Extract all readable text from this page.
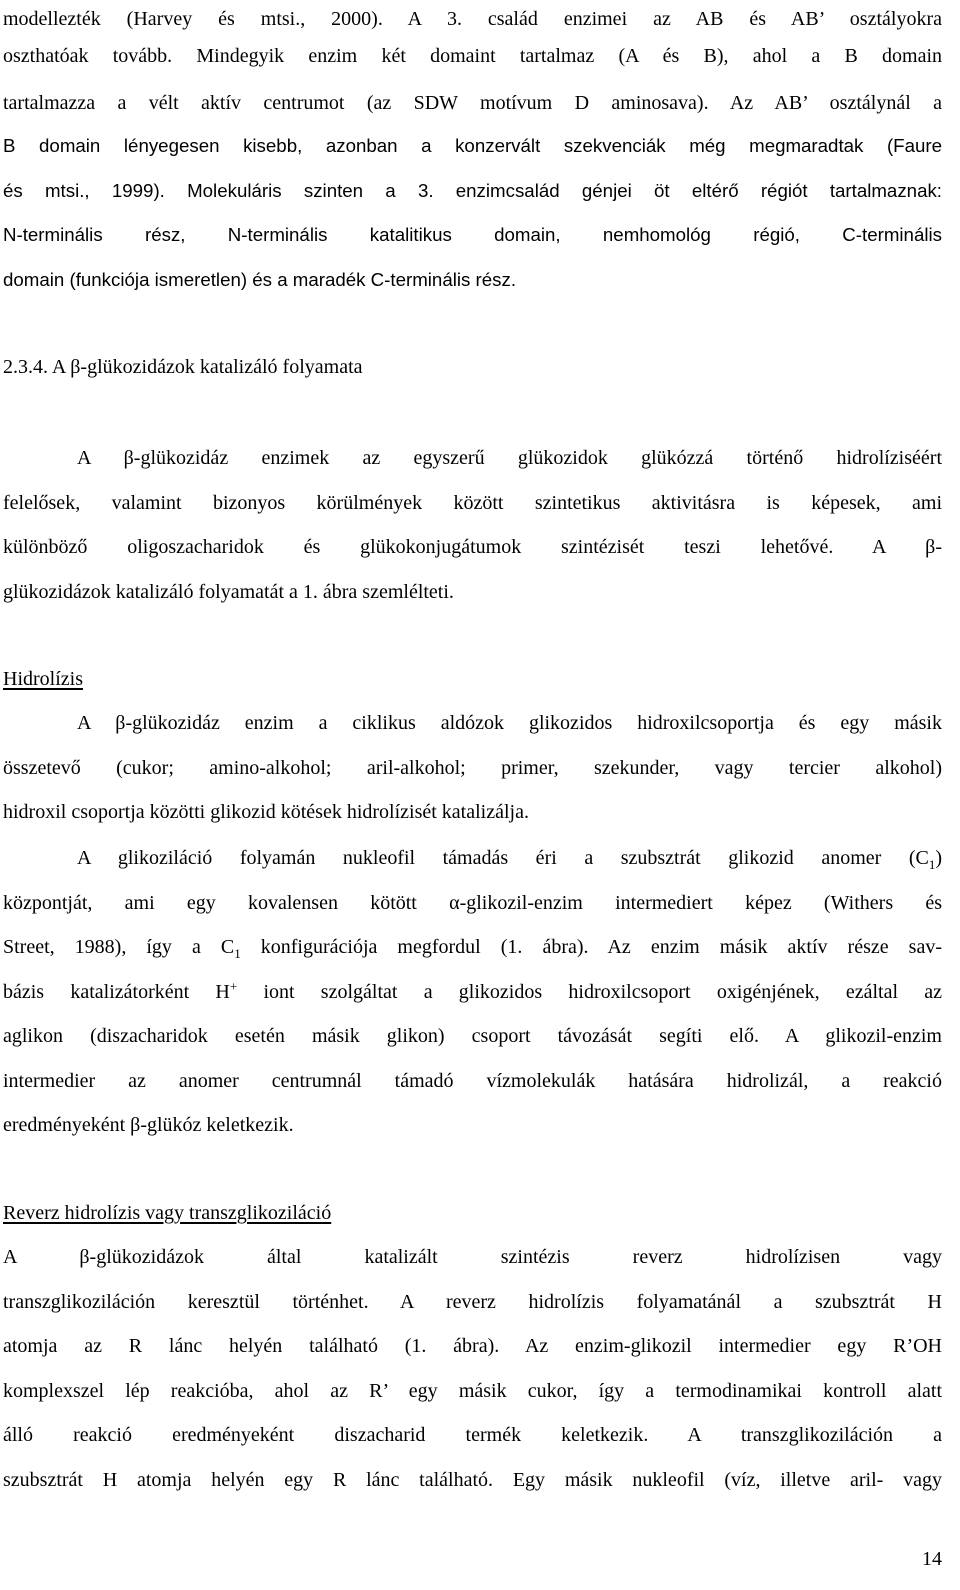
modellezték (Harvey és mtsi., 2000). A 3. család enzimei az AB és AB’ osztályokra
oszthatóak tovább. Mindegyik enzim két domaint tartalmaz (A és B), ahol a B domain
tartalmazza a vélt aktív centrumot (az SDW motívum D aminosava). Az AB’ osztálynál a
B domain lényegesen kisebb, azonban a konzervált szekvenciák még megmaradtak (Faure
és mtsi., 1999). Molekuláris szinten a 3. enzimcsalád génjei öt eltérő régiót tartalmaznak:
N-terminális rész, N-terminális katalitikus domain, nemhomológ régió, C-terminális
domain (funkciója ismeretlen) és a maradék C-terminális rész.
2.3.4. A β-glükozidázok katalizáló folyamata
A β-glükozidáz enzimek az egyszerű glükozidok glükózzá történő hidrolíziséért
felelősek, valamint bizonyos körülmények között szintetikus aktivitásra is képesek, ami
különböző oligoszacharidok és glükokonjugátumok szintézisét teszi lehetővé. A β-
glükozidázok katalizáló folyamatát a 1. ábra szemlélteti.
Hidrolízis
A β-glükozidáz enzim a ciklikus aldózok glikozidos hidroxilcsoportja és egy másik
összetevő (cukor; amino-alkohol; aril-alkohol; primer, szekunder, vagy tercier alkohol)
hidroxil csoportja közötti glikozid kötések hidrolízisét katalizálja.
A glikoziláció folyamán nukleofil támadás éri a szubsztrát glikozid anomer $(C_1)$
központját, ami egy kovalensen kötött α-glikozil-enzim intermediert képez (Withers és
Street, 1988), így a $C_1$ konfigurációja megfordul (1. ábra). Az enzim másik aktív része sav-
bázis katalizátorként H+ iont szolgáltat a glikozidos hidroxilcsoport oxigénjének, ezáltal az
aglikon (diszacharidok esetén másik glikon) csoport távozását segíti elő. A glikozil-enzim
intermedier az anomer centrumnál támadó vízmolekulák hatására hidrolizál, a reakció
eredményeként β-glükóz keletkezik.
Reverz hidrolízis vagy transzglikoziláció
A β-glükozidázok által katalizált szintézis reverz hidrolízisen vagy
transzglikoziláción keresztül történhet. A reverz hidrolízis folyamatánál a szubsztrát H
atomja az R lánc helyén található (1. ábra). Az enzim-glikozil intermedier egy R’OH
komplexszel lép reakcióba, ahol az R’ egy másik cukor, így a termodinamikai kontroll alatt
álló reakció eredményeként diszacharid termék keletkezik. A transzglikoziláción a
szubsztrát H atomja helyén egy R lánc található. Egy másik nukleofil (víz, illetve aril- vagy
14
